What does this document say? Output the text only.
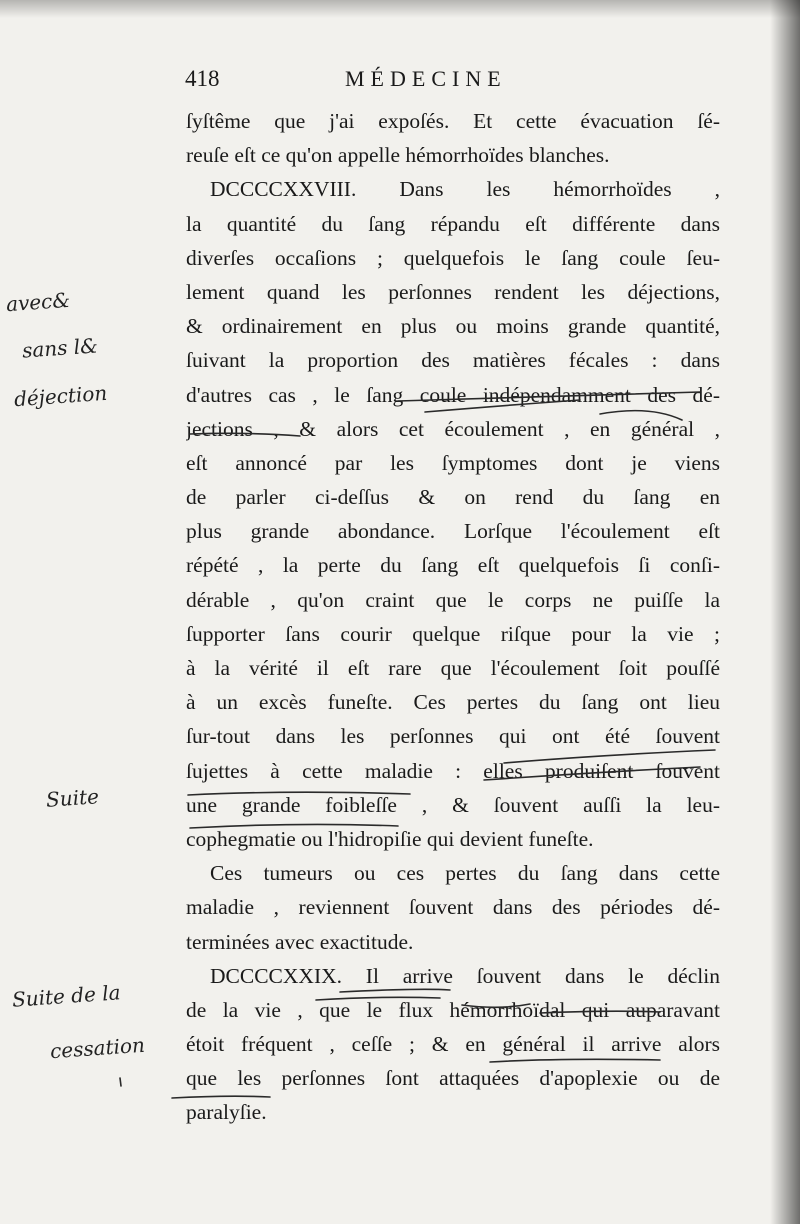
418	MÉDECINE
ſyſtême que j'ai expoſés. Et cette évacuation ſé-
reuſe eſt ce qu'on appelle hémorrhoïdes blanches.
DCCCCXXVIII. Dans les hémorrhoïdes ,
la quantité du ſang répandu eſt différente dans
diverſes occaſions ; quelquefois le ſang coule ſeu-
lement quand les perſonnes rendent les déjections,
& ordinairement en plus ou moins grande quantité,
ſuivant la proportion des matières fécales : dans
d'autres cas , le ſang coule indépendamment des dé-
jections , & alors cet écoulement , en général ,
eſt annoncé par les ſymptomes dont je viens
de parler ci-deſſus & on rend du ſang en
plus grande abondance. Lorſque l'écoulement eſt
répété , la perte du ſang eſt quelquefois ſi conſi-
dérable , qu'on craint que le corps ne puiſſe la
ſupporter ſans courir quelque riſque pour la vie ;
à la vérité il eſt rare que l'écoulement ſoit pouſſé
à un excès funeſte. Ces pertes du ſang ont lieu
ſur-tout dans les perſonnes qui ont été ſouvent
ſujettes à cette maladie : elles produiſent ſouvent
une grande foibleſſe , & ſouvent auſſi la leu-
cophegmatie ou l'hidropiſie qui devient funeſte.
Ces tumeurs ou ces pertes du ſang dans cette
maladie , reviennent ſouvent dans des périodes dé-
terminées avec exactitude.
DCCCCXXIX. Il arrive ſouvent dans le déclin
de la vie , que le flux hémorrhoïdal qui auparavant
étoit fréquent , ceſſe ; & en général il arrive alors
que les perſonnes ſont attaquées d'apoplexie ou de
paralyſie.
avec&
sans l&
déjection
Suite
Suite de la
cessation
